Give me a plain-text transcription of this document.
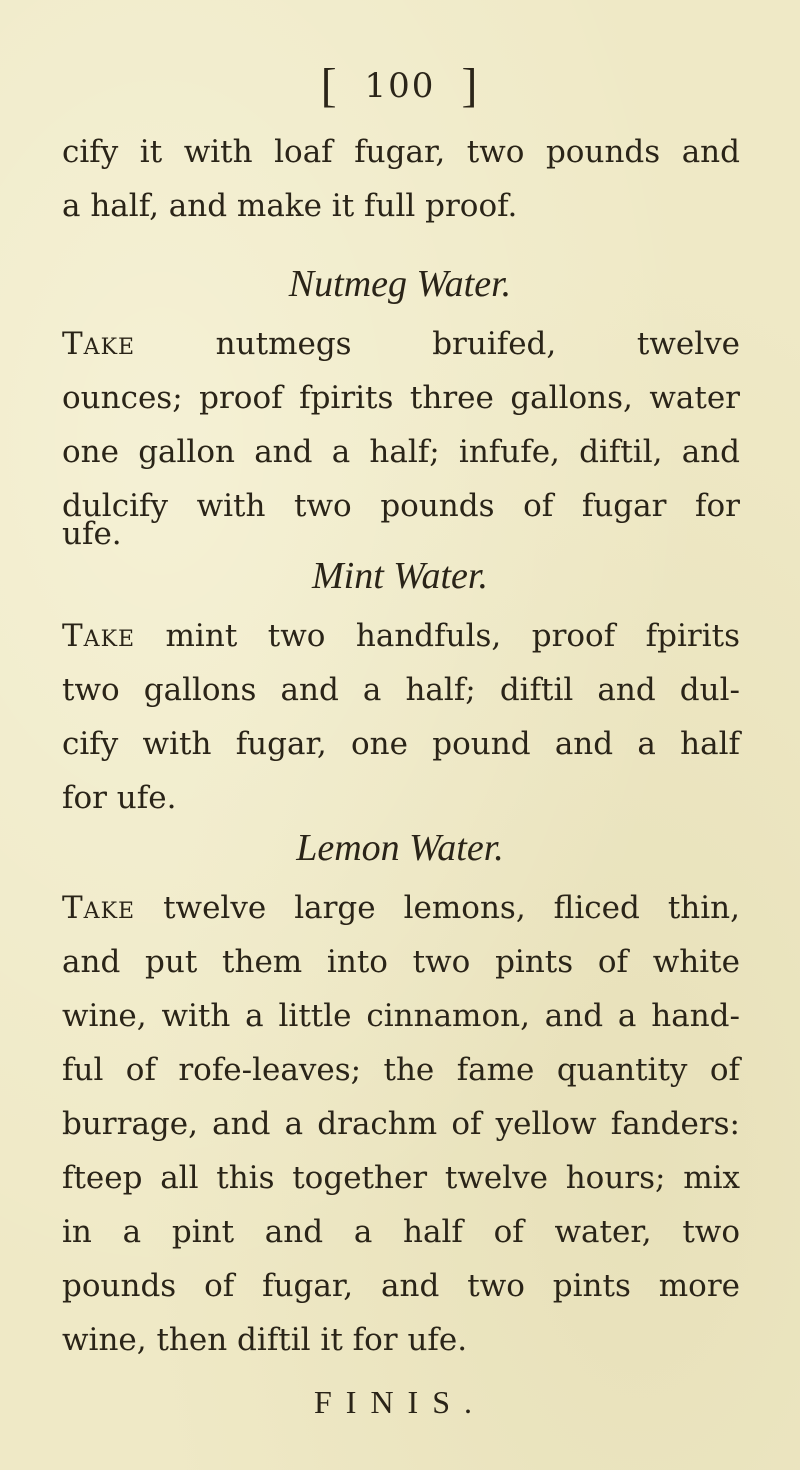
[ 100 ]
cify it with loaf fugar, two pounds and
a half, and make it full proof.
Nutmeg Water.
Take nutmegs bruifed, twelve
ounces; proof fpirits three gallons, water
one gallon and a half; infufe, diftil, and
dulcify with two pounds of fugar for
ufe.
Mint Water.
Take mint two handfuls, proof fpirits
two gallons and a half; diftil and dul-
cify with fugar, one pound and a half
for ufe.
Lemon Water.
Take twelve large lemons, fliced thin,
and put them into two pints of white
wine, with a little cinnamon, and a hand-
ful of rofe-leaves; the fame quantity of
burrage, and a drachm of yellow fanders:
fteep all this together twelve hours; mix
in a pint and a half of water, two
pounds of fugar, and two pints more
wine, then diftil it for ufe.
FINIS.
